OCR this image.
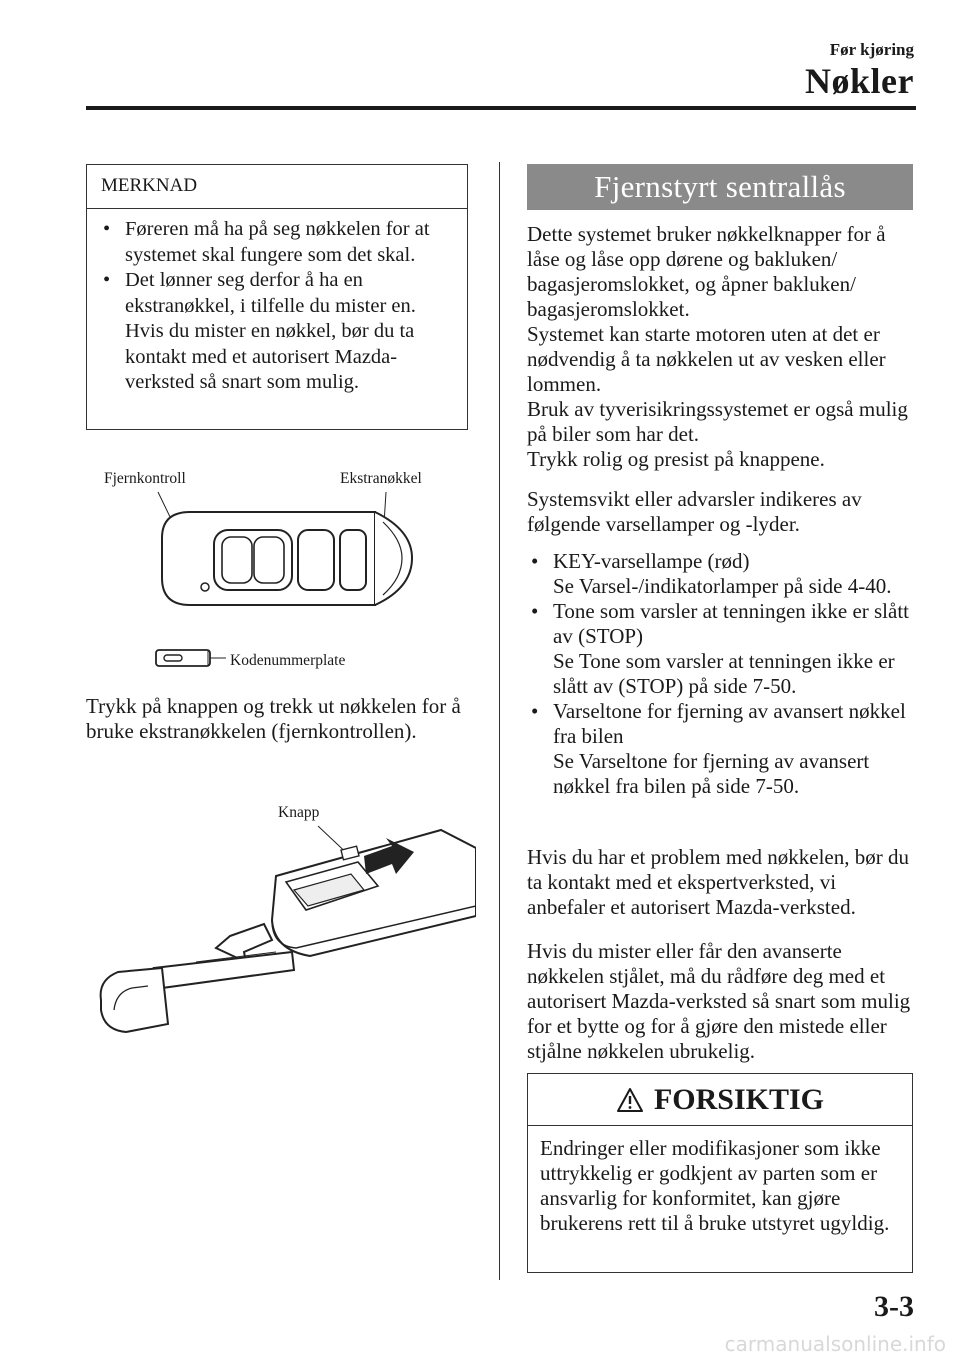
Før kjøring
Nøkler
MERKNAD
• Føreren må ha på seg nøkkelen for at systemet skal fungere som det skal.
• Det lønner seg derfor å ha en ekstranøkkel, i tilfelle du mister en. Hvis du mister en nøkkel, bør du ta kontakt med et autorisert Mazda-verksted så snart som mulig.
Fjernkontroll	Ekstranøkkel
Kodenummerplate

Trykk på knappen og trekk ut nøkkelen for å bruke ekstranøkkelen (fjernkontrollen).

Knapp
Fjernstyrt sentrallås

Dette systemet bruker nøkkelknapper for å låse og låse opp dørene og bakluken/ bagasjeromslokket, og åpner bakluken/ bagasjeromslokket.

Systemet kan starte motoren uten at det er nødvendig å ta nøkkelen ut av vesken eller lommen.

Bruk av tyverisikringssystemet er også mulig på biler som har det.

Trykk rolig og presist på knappene.

Systemsvikt eller advarsler indikeres av følgende varsellamper og -lyder.

• KEY-varsellampe (rød)
Se Varsel-/indikatorlamper på side 4-40.
• Tone som varsler at tenningen ikke er slått av (STOP)
Se Tone som varsler at tenningen ikke er slått av (STOP) på side 7-50.
• Varseltone for fjerning av avansert nøkkel fra bilen
Se Varseltone for fjerning av avansert nøkkel fra bilen på side 7-50.

Hvis du har et problem med nøkkelen, bør du ta kontakt med et ekspertverksted, vi anbefaler et autorisert Mazda-verksted.

Hvis du mister eller får den avanserte nøkkelen stjålet, må du rådføre deg med et autorisert Mazda-verksted så snart som mulig for et bytte og for å gjøre den mistede eller stjålne nøkkelen ubrukelig.

FORSIKTIG
Endringer eller modifikasjoner som ikke uttrykkelig er godkjent av parten som er ansvarlig for konformitet, kan gjøre brukerens rett til å bruke utstyret ugyldig.
3-3
carmanualsonline.info
